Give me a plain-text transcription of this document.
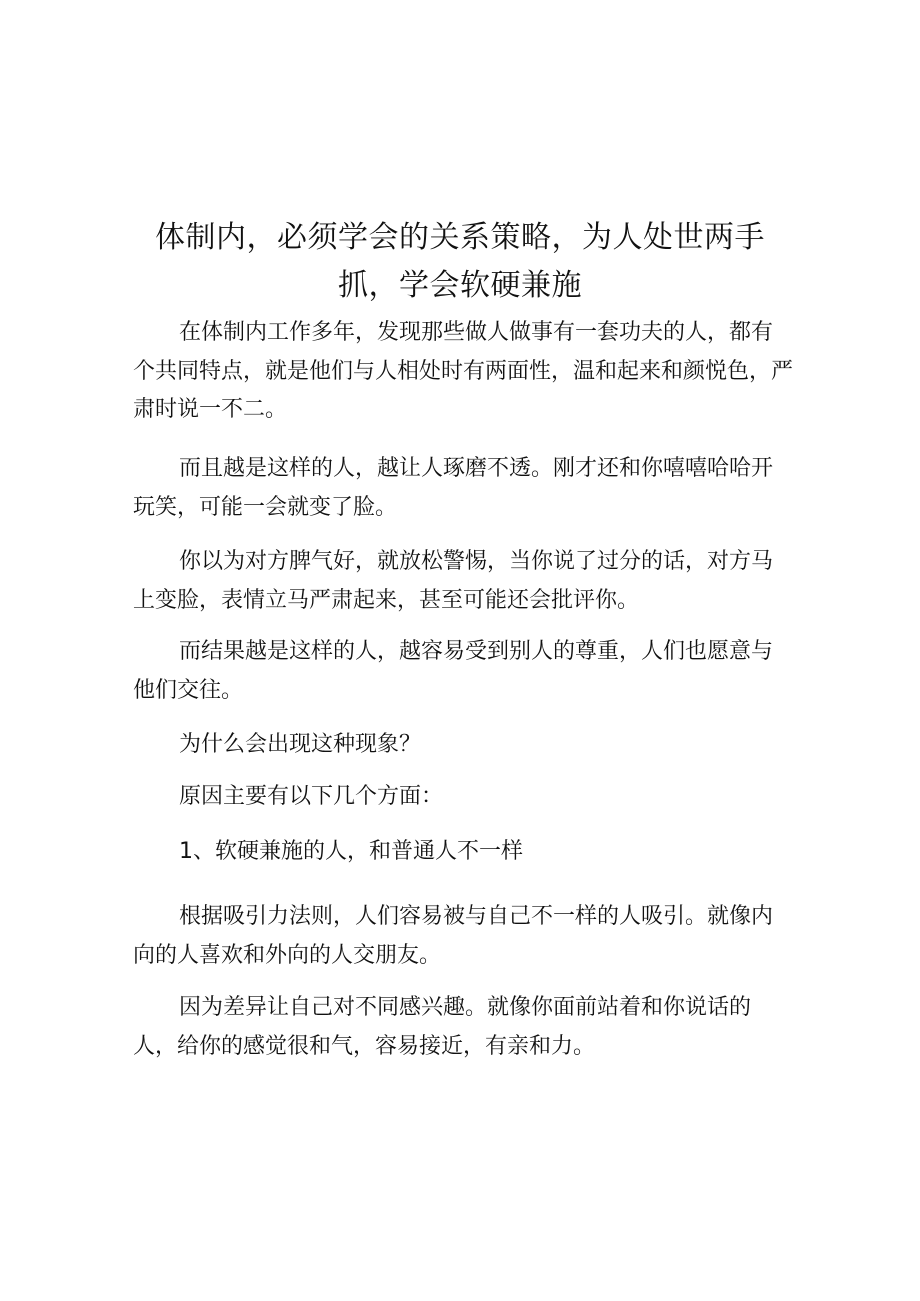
体制内，必须学会的关系策略，为人处世两手抓，学会软硬兼施

在体制内工作多年，发现那些做人做事有一套功夫的人，都有个共同特点，就是他们与人相处时有两面性，温和起来和颜悦色，严肃时说一不二。

而且越是这样的人，越让人琢磨不透。刚才还和你嘻嘻哈哈开玩笑，可能一会就变了脸。

你以为对方脾气好，就放松警惕，当你说了过分的话，对方马上变脸，表情立马严肃起来，甚至可能还会批评你。

而结果越是这样的人，越容易受到别人的尊重，人们也愿意与他们交往。

为什么会出现这种现象？

原因主要有以下几个方面：

1、软硬兼施的人，和普通人不一样

根据吸引力法则，人们容易被与自己不一样的人吸引。就像内向的人喜欢和外向的人交朋友。

因为差异让自己对不同感兴趣。就像你面前站着和你说话的人，给你的感觉很和气，容易接近，有亲和力。
